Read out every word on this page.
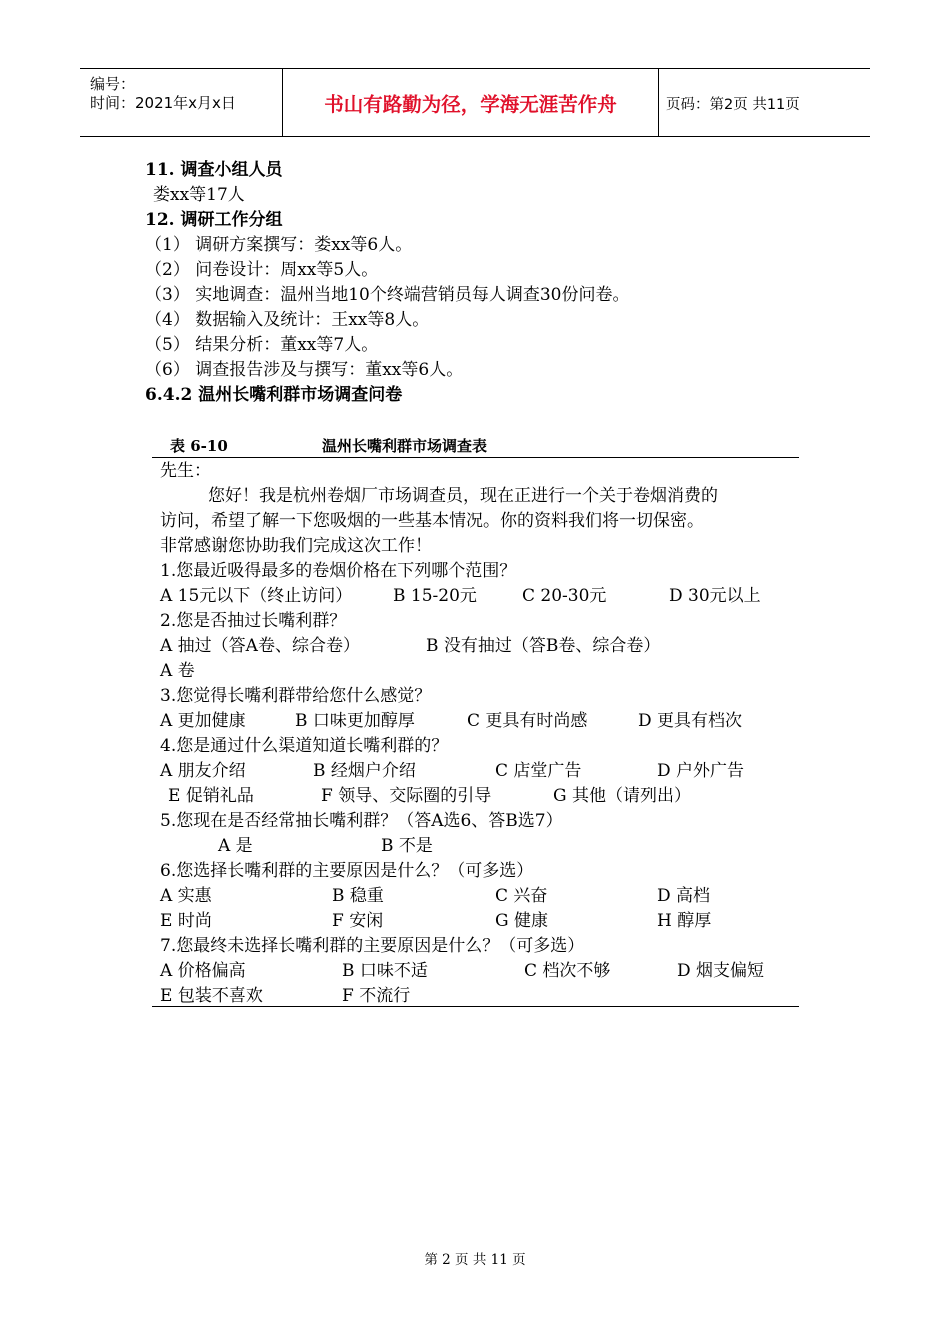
编号：
时间：2021年x月x日	书山有路勤为径，学海无涯苦作舟	页码：第2页 共11页
11. 调查小组人员
娄xx等17人
12. 调研工作分组
（1） 调研方案撰写：娄xx等6人。
（2） 问卷设计：周xx等5人。
（3） 实地调查：温州当地10个终端营销员每人调查30份问卷。
（4） 数据输入及统计：王xx等8人。
（5） 结果分析：董xx等7人。
（6） 调查报告涉及与撰写：董xx等6人。
6.4.2 温州长嘴利群市场调查问卷
表 6-10	温州长嘴利群市场调查表
先生：
您好！我是杭州卷烟厂市场调查员，现在正进行一个关于卷烟消费的
访问，希望了解一下您吸烟的一些基本情况。你的资料我们将一切保密。
非常感谢您协助我们完成这次工作！
1.您最近吸得最多的卷烟价格在下列哪个范围？
A 15元以下（终止访问） B 15-20元	C 20-30元	D 30元以上
2.您是否抽过长嘴利群？
A 抽过（答A卷、综合卷）	B 没有抽过（答B卷、综合卷）
A 卷
3.您觉得长嘴利群带给您什么感觉？
A 更加健康	B 口味更加醇厚	C 更具有时尚感	D 更具有档次
4.您是通过什么渠道知道长嘴利群的？
A 朋友介绍	B 经烟户介绍	C 店堂广告	D 户外广告
E 促销礼品	F 领导、交际圈的引导	G 其他（请列出）
5.您现在是否经常抽长嘴利群？（答A选6、答B选7）
A 是	B 不是
6.您选择长嘴利群的主要原因是什么？（可多选）
A 实惠	B 稳重	C 兴奋	D 高档
E 时尚	F 安闲	G 健康	H 醇厚
7.您最终未选择长嘴利群的主要原因是什么？（可多选）
A 价格偏高	B 口味不适	C 档次不够	D 烟支偏短
E 包装不喜欢	F 不流行
第 2 页 共 11 页
